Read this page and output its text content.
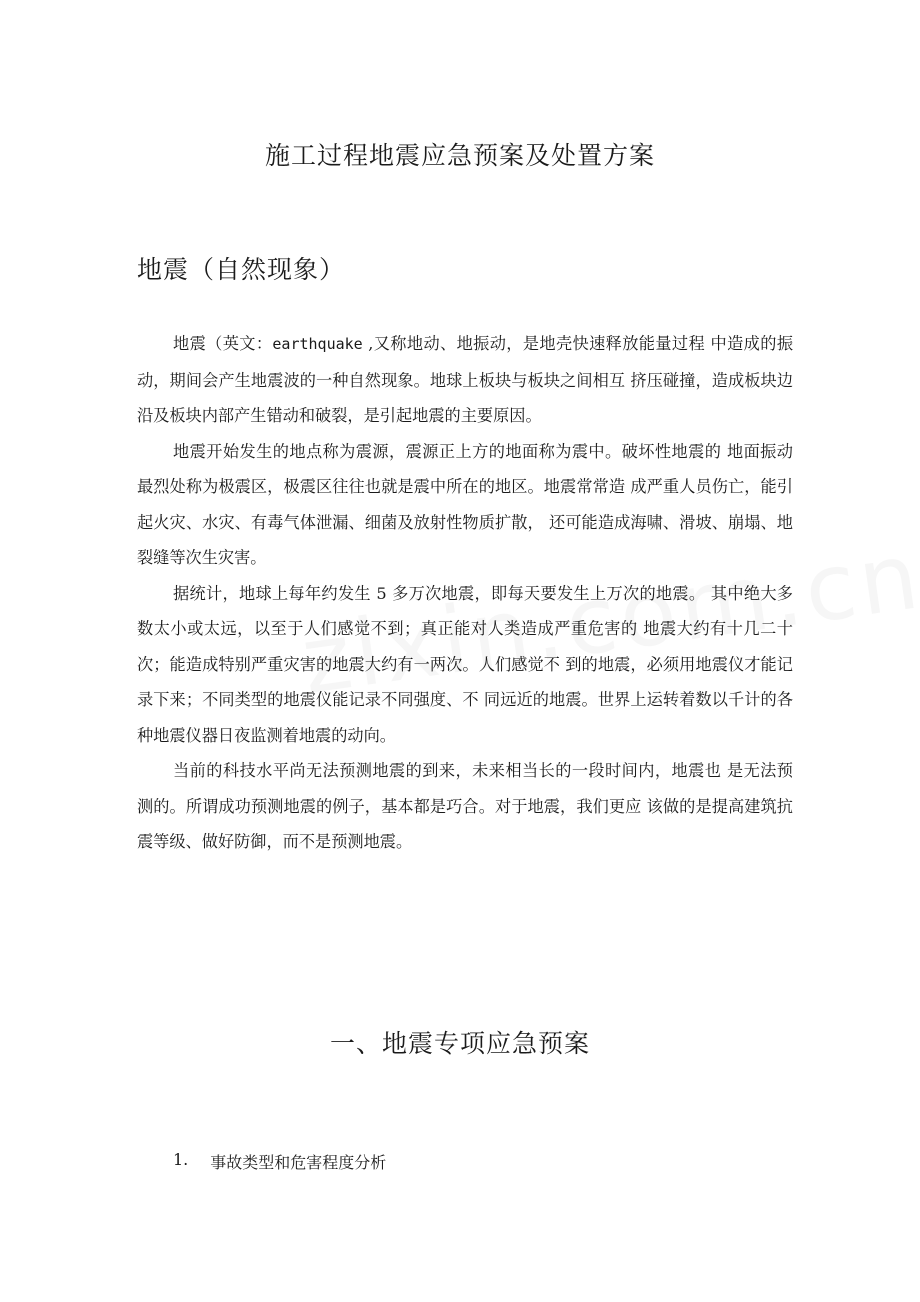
施工过程地震应急预案及处置方案
地震（自然现象）

地震（英文：earthquake ,又称地动、地振动，是地壳快速释放能量过程 中造成的振动，期间会产生地震波的一种自然现象。地球上板块与板块之间相互 挤压碰撞，造成板块边沿及板块内部产生错动和破裂，是引起地震的主要原因。

地震开始发生的地点称为震源，震源正上方的地面称为震中。破坏性地震的 地面振动最烈处称为极震区，极震区往往也就是震中所在的地区。地震常常造 成严重人员伤亡，能引起火灾、水灾、有毒气体泄漏、细菌及放射性物质扩散， 还可能造成海啸、滑坡、崩塌、地裂缝等次生灾害。

据统计，地球上每年约发生 5 多万次地震，即每天要发生上万次的地震。 其中绝大多数太小或太远，以至于人们感觉不到；真正能对人类造成严重危害的 地震大约有十几二十次；能造成特别严重灾害的地震大约有一两次。人们感觉不 到的地震，必须用地震仪才能记录下来；不同类型的地震仪能记录不同强度、不 同远近的地震。世界上运转着数以千计的各种地震仪器日夜监测着地震的动向。

当前的科技水平尚无法预测地震的到来，未来相当长的一段时间内，地震也 是无法预测的。所谓成功预测地震的例子，基本都是巧合。对于地震，我们更应 该做的是提高建筑抗震等级、做好防御，而不是预测地震。

一、地震专项应急预案
1. 事故类型和危害程度分析
